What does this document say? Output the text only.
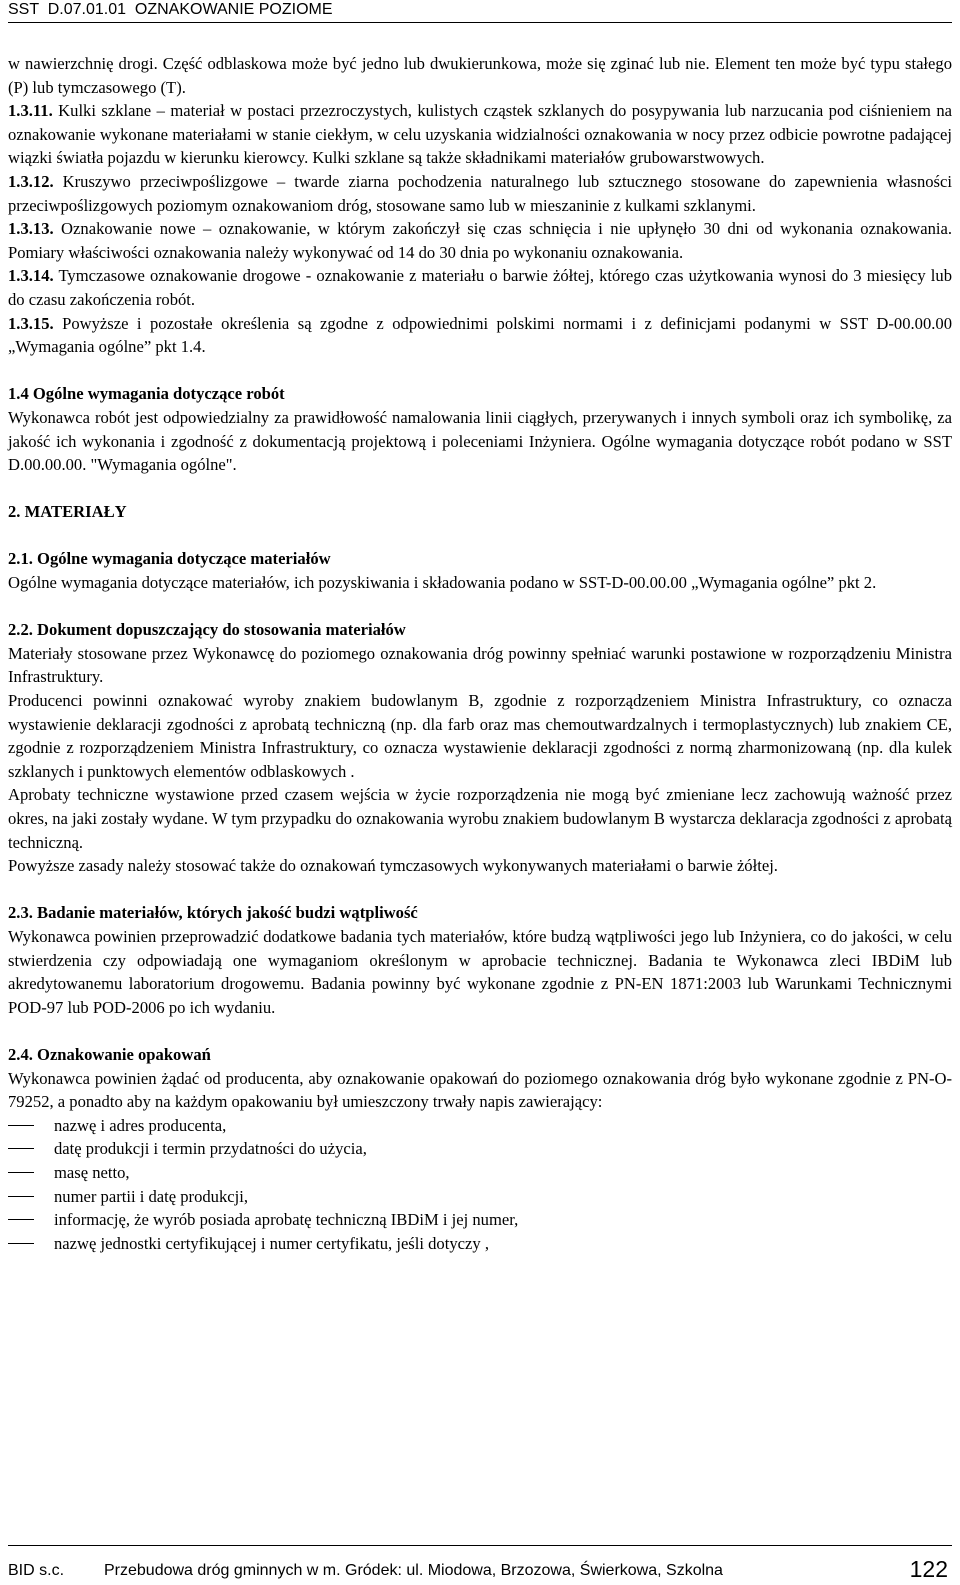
SST  D.07.01.01  OZNAKOWANIE POZIOME

w nawierzchnię drogi. Część odblaskowa może być jedno lub dwukierunkowa, może się zginać lub nie. Element ten może być typu stałego (P) lub tymczasowego (T).

1.3.11. Kulki szklane – materiał w postaci przezroczystych, kulistych cząstek szklanych do posypywania lub narzucania pod ciśnieniem na oznakowanie wykonane materiałami w stanie ciekłym, w celu uzyskania widzialności oznakowania w nocy przez odbicie powrotne padającej wiązki światła pojazdu w kierunku kierowcy. Kulki szklane są także składnikami materiałów grubowarstwowych.

1.3.12. Kruszywo przeciwpoślizgowe – twarde ziarna pochodzenia naturalnego lub sztucznego stosowane do zapewnienia własności przeciwpoślizgowych poziomym oznakowaniom dróg, stosowane samo lub w mieszaninie z kulkami szklanymi.

1.3.13. Oznakowanie nowe – oznakowanie, w którym zakończył się czas schnięcia i nie upłynęło 30 dni od wykonania oznakowania. Pomiary właściwości oznakowania należy wykonywać od 14 do 30 dnia po wykonaniu oznakowania.

1.3.14. Tymczasowe oznakowanie drogowe - oznakowanie z materiału o barwie żółtej, którego czas użytkowania wynosi do 3 miesięcy lub do czasu zakończenia robót.

1.3.15. Powyższe i pozostałe określenia są zgodne z odpowiednimi polskimi normami i z definicjami podanymi w SST D-00.00.00 „Wymagania ogólne” pkt 1.4.

1.4 Ogólne wymagania dotyczące robót

Wykonawca robót jest odpowiedzialny za prawidłowość namalowania linii ciągłych, przerywanych i innych symboli oraz ich symbolikę, za jakość ich wykonania i zgodność z dokumentacją projektową i poleceniami Inżyniera. Ogólne wymagania dotyczące robót podano w SST D.00.00.00. "Wymagania ogólne".

2. MATERIAŁY

2.1. Ogólne wymagania dotyczące materiałów

Ogólne wymagania dotyczące materiałów, ich pozyskiwania i składowania podano w SST-D-00.00.00 „Wymagania ogólne” pkt 2.

2.2. Dokument dopuszczający do stosowania materiałów

Materiały stosowane przez Wykonawcę do poziomego oznakowania dróg powinny spełniać warunki postawione w rozporządzeniu Ministra Infrastruktury.

Producenci powinni oznakować wyroby znakiem budowlanym B, zgodnie z rozporządzeniem Ministra Infrastruktury, co oznacza wystawienie deklaracji zgodności z aprobatą techniczną (np. dla farb oraz mas chemoutwardzalnych i termoplastycznych) lub znakiem CE, zgodnie z rozporządzeniem Ministra Infrastruktury, co oznacza wystawienie deklaracji zgodności z normą zharmonizowaną (np. dla kulek szklanych i punktowych elementów odblaskowych .

Aprobaty techniczne wystawione przed czasem wejścia w życie rozporządzenia nie mogą być zmieniane lecz zachowują ważność przez okres, na jaki zostały wydane. W tym przypadku do oznakowania wyrobu znakiem budowlanym B wystarcza deklaracja zgodności z aprobatą techniczną.

Powyższe zasady należy stosować także do oznakowań tymczasowych wykonywanych materiałami o barwie żółtej.

2.3. Badanie materiałów, których jakość budzi wątpliwość

Wykonawca powinien przeprowadzić dodatkowe badania tych materiałów, które budzą wątpliwości jego lub Inżyniera, co do jakości, w celu stwierdzenia czy odpowiadają one wymaganiom określonym w aprobacie technicznej. Badania te Wykonawca zleci IBDiM lub akredytowanemu laboratorium drogowemu. Badania powinny być wykonane zgodnie z PN-EN 1871:2003 lub Warunkami Technicznymi POD-97 lub POD-2006 po ich wydaniu.

2.4. Oznakowanie opakowań

Wykonawca powinien żądać od producenta, aby oznakowanie opakowań do poziomego oznakowania dróg było wykonane zgodnie z PN-O-79252, a ponadto aby na każdym opakowaniu był umieszczony trwały napis zawierający:

nazwę i adres producenta,
datę produkcji i termin przydatności do użycia,
masę netto,
numer partii i datę produkcji,
informację, że wyrób posiada aprobatę techniczną IBDiM i jej numer,
nazwę jednostki certyfikującej i numer certyfikatu, jeśli dotyczy ,
BID s.c. Przebudowa dróg gminnych w m. Gródek: ul. Miodowa, Brzozowa, Świerkowa, Szkolna	122
